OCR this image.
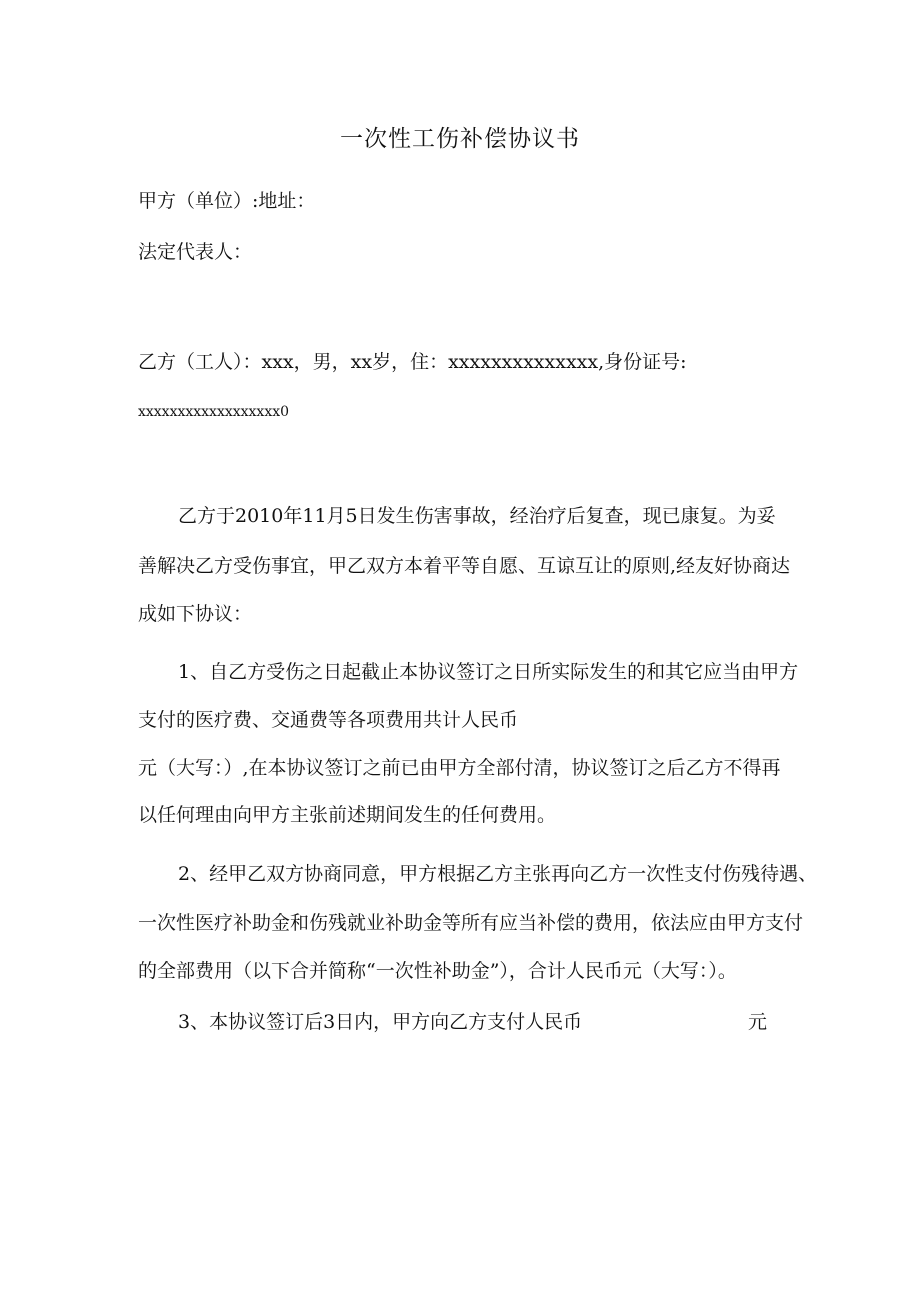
一次性工伤补偿协议书
甲方（单位）:地址：
法定代表人：
乙方（工人）：xxx，男，xx岁，住：xxxxxxxxxxxxxx,身份证号:
xxxxxxxxxxxxxxxxxx0
乙方于2010年11月5日发生伤害事故，经治疗后复查，现已康复。为妥
善解决乙方受伤事宜，甲乙双方本着平等自愿、互谅互让的原则,经友好协商达
成如下协议：
1、自乙方受伤之日起截止本协议签订之日所实际发生的和其它应当由甲方
支付的医疗费、交通费等各项费用共计人民币
元（大写：）,在本协议签订之前已由甲方全部付清，协议签订之后乙方不得再
以任何理由向甲方主张前述期间发生的任何费用。
2、经甲乙双方协商同意，甲方根据乙方主张再向乙方一次性支付伤残待遇、
一次性医疗补助金和伤残就业补助金等所有应当补偿的费用，依法应由甲方支付
的全部费用（以下合并简称“一次性补助金”），合计人民币元（大写：）。
3、本协议签订后3日内，甲方向乙方支付人民币	元
